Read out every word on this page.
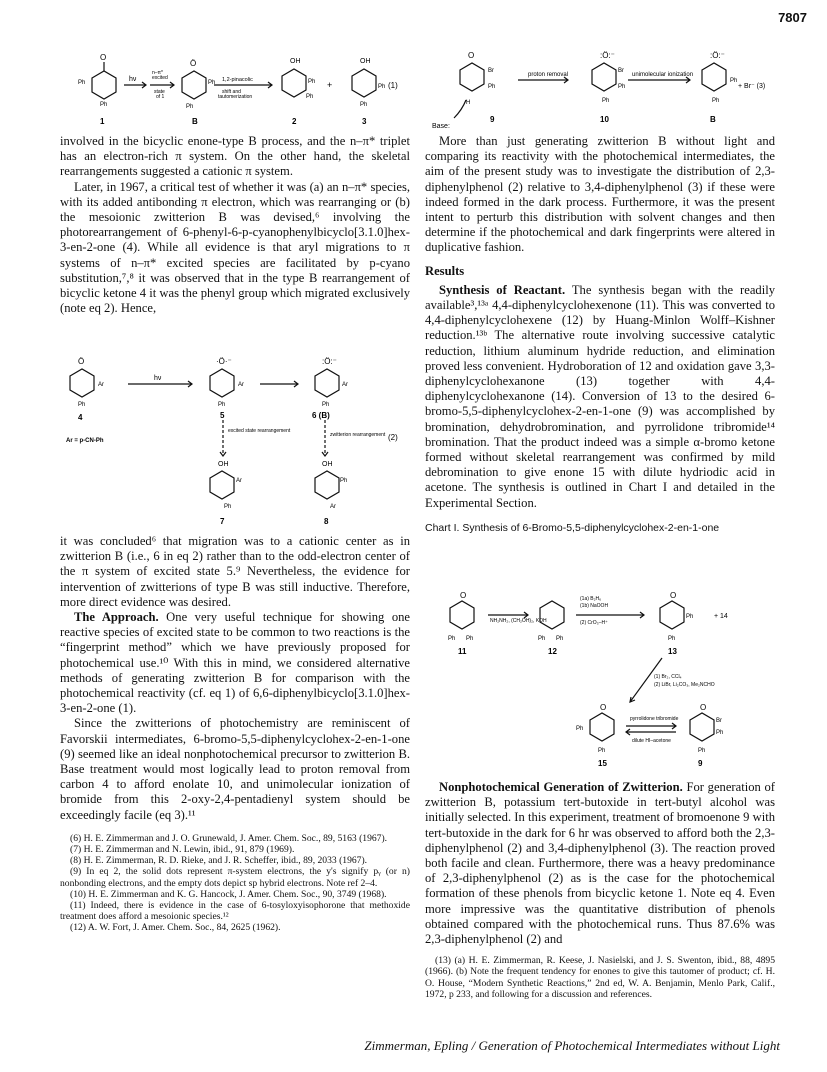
7807
O
Ö	OH	OH
hν
n–π*
excited
state
of 1
1,2-pinacolic
shift and
tautomerization
+	(1)
Ph
Ph
Ph
Ph
Ph
Ph
Ph
Ph
1	B	2	3
O	:Ö:⁻	:Ö:⁻
Br
Ph
Br
Ph
Ph
Ph	Ph
H
proton removal	unimolecular ionization
+ Br⁻ (3)
Base:
9	10	B

involved in the bicyclic enone-type B process, and the n–π* triplet has an electron-rich π system. On the other hand, the skeletal rearrangements suggested a cationic π system.

Later, in 1967, a critical test of whether it was (a) an n–π* species, with its added antibonding π electron, which was rearranging or (b) the mesoionic zwitterion B was devised,⁶ involving the photorearrangement of 6-phenyl-6-p-cyanophenylbicyclo[3.1.0]hex-3-en-2-one (4). While all evidence is that aryl migrations to π systems of n–π* excited species are facilitated by p-cyano substitution,⁷,⁸ it was observed that in the type B rearrangement of bicyclic ketone 4 it was the phenyl group which migrated exclusively (note eq 2). Hence,

Ö	·Ö·⁻	:Ö:⁻
hν
Ar	Ar	Ar
Ph	Ph	Ph
4	5	6 (B)
excited state rearrangement
zwitterion rearrangement (2)
Ar = p-CN-Ph
OH	OH
Ar
Ph
Ph
Ar
7	8

it was concluded⁶ that migration was to a cationic center as in zwitterion B (i.e., 6 in eq 2) rather than to the odd-electron center of the π system of excited state 5.⁹ Nevertheless, the evidence for intervention of zwitterions of type B was still inductive. Therefore, more direct evidence was desired.

The Approach. One very useful technique for showing one reactive species of excited state to be common to two reactions is the “fingerprint method” which we have previously proposed for photochemical use.¹⁰ With this in mind, we considered alternative methods of generating zwitterion B for comparison with the photochemical reactivity (cf. eq 1) of 6,6-diphenylbicyclo[3.1.0]hex-3-en-2-one (1).

Since the zwitterions of photochemistry are reminiscent of Favorskii intermediates, 6-bromo-5,5-diphenylcyclohex-2-en-1-one (9) seemed like an ideal nonphotochemical precursor to zwitterion B. Base treatment would most logically lead to proton removal from carbon 4 to afford enolate 10, and unimolecular ionization of bromide from this 2-oxy-2,4-pentadienyl system should be exceedingly facile (eq 3).¹¹

(6) H. E. Zimmerman and J. O. Grunewald, J. Amer. Chem. Soc., 89, 5163 (1967).

(7) H. E. Zimmerman and N. Lewin, ibid., 91, 879 (1969).

(8) H. E. Zimmerman, R. D. Rieke, and J. R. Scheffer, ibid., 89, 2033 (1967).

(9) In eq 2, the solid dots represent π-system electrons, the y's signify pᵧ (or n) nonbonding electrons, and the empty dots depict sp hybrid electrons. Note ref 2–4.

(10) H. E. Zimmerman and K. G. Hancock, J. Amer. Chem. Soc., 90, 3749 (1968).

(11) Indeed, there is evidence in the case of 6-tosyloxyisophorone that methoxide treatment does afford a mesoionic species.¹²

(12) A. W. Fort, J. Amer. Chem. Soc., 84, 2625 (1962).

More than just generating zwitterion B without light and comparing its reactivity with the photochemical intermediates, the aim of the present study was to investigate the distribution of 2,3-diphenylphenol (2) relative to 3,4-diphenylphenol (3) if these were indeed formed in the dark process. Furthermore, it was the present intent to perturb this distribution with solvent changes and then determine if the photochemical and dark fingerprints were altered in duplicative fashion.

Results

Synthesis of Reactant. The synthesis began with the readily available³,¹³ᵃ 4,4-diphenylcyclohexenone (11). This was converted to 4,4-diphenylcyclohexene (12) by Huang-Minlon Wolff–Kishner reduction.¹³ᵇ The alternative route involving successive catalytic reduction, lithium aluminum hydride reduction, and elimination proved less convenient. Hydroboration of 12 and oxidation gave 3,3-diphenylcyclohexanone (13) together with 4,4-diphenylcyclohexanone (14). Conversion of 13 to the desired 6-bromo-5,5-diphenylcyclohex-2-en-1-one (9) was accomplished by bromination, dehydrobromination, and pyrrolidone tribromide¹⁴ bromination. That the product indeed was a simple α-bromo ketone formed without skeletal rearrangement was confirmed by mild debromination to give enone 15 with dilute hydriodic acid in acetone. The synthesis is outlined in Chart I and detailed in the Experimental Section.

Chart I. Synthesis of 6-Bromo-5,5-diphenylcyclohex-2-en-1-one
O	O
O	O
Ph Ph	Ph Ph
Ph
Ph
Ph
Ph
Br
Ph
Ph
NH₂NH₂, (CH₂OH)₂, KOH
(1a) B₂H₆
(1b) NaOOH
(2) CrO₃–H⁺
+ 14
(1) Br₂, CCl₄
(2) LiBr, Li₂CO₃, Me₂NCHO
pyrrolidone tribromide
dilute HI–acetone
11	12	13
15	9

Nonphotochemical Generation of Zwitterion. For generation of zwitterion B, potassium tert-butoxide in tert-butyl alcohol was initially selected. In this experiment, treatment of bromoenone 9 with tert-butoxide in the dark for 6 hr was observed to afford both the 2,3-diphenylphenol (2) and 3,4-diphenylphenol (3). The reaction proved both facile and clean. Furthermore, there was a heavy predominance of 2,3-diphenylphenol (2) as is the case for the photochemical formation of these phenols from bicyclic ketone 1. Note eq 4. Even more impressive was the quantitative distribution of phenols obtained compared with the photochemical runs. Thus 87.6% was 2,3-diphenylphenol (2) and

(13) (a) H. E. Zimmerman, R. Keese, J. Nasielski, and J. S. Swenton, ibid., 88, 4895 (1966). (b) Note the frequent tendency for enones to give this tautomer of product; cf. H. O. House, “Modern Synthetic Reactions,” 2nd ed, W. A. Benjamin, Menlo Park, Calif., 1972, p 233, and following for a discussion and references.

Zimmerman, Epling / Generation of Photochemical Intermediates without Light
